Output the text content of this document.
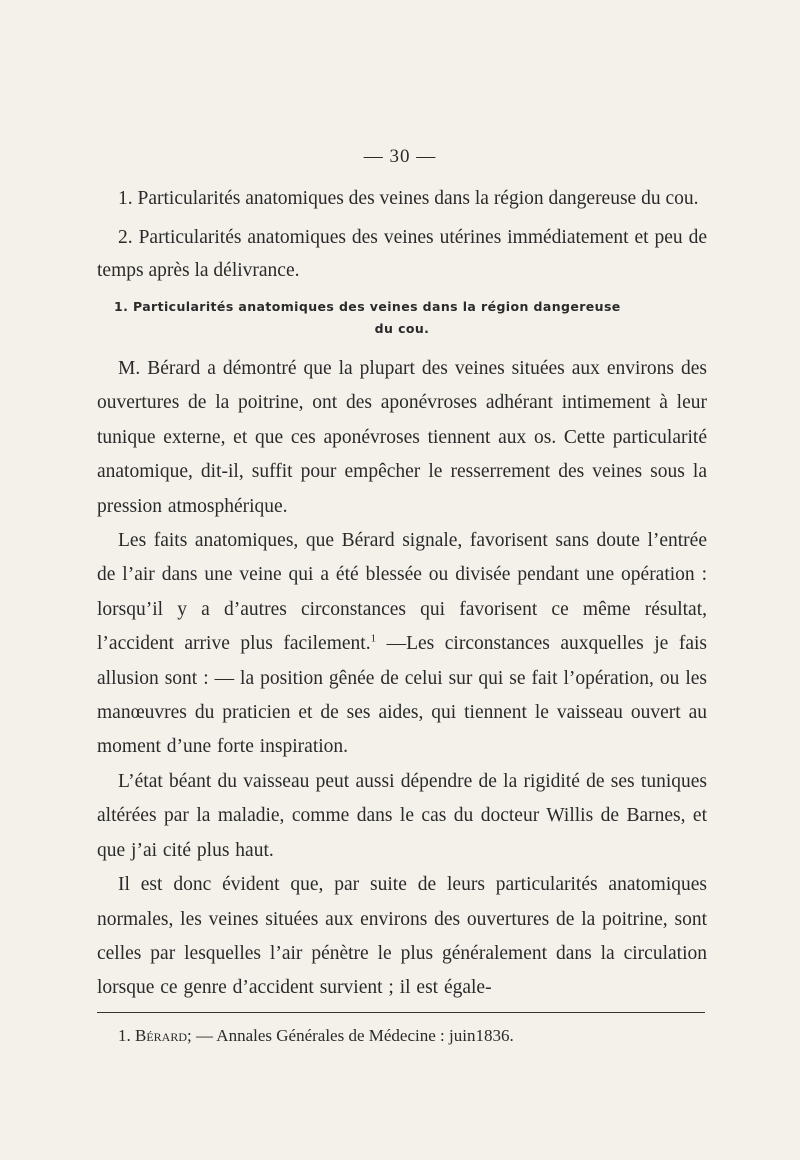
— 30 —

1. Particularités anatomiques des veines dans la région dangereuse du cou.

2. Particularités anatomiques des veines utérines immédiatement et peu de temps après la délivrance.

1. Particularités anatomiques des veines dans la région dangereuse
du cou.

M. Bérard a démontré que la plupart des veines situées aux environs des ouvertures de la poitrine, ont des aponévroses adhérant intimement à leur tunique externe, et que ces aponévroses tiennent aux os. Cette particularité anatomique, dit-il, suffit pour empêcher le resserrement des veines sous la pression atmosphérique.

Les faits anatomiques, que Bérard signale, favorisent sans doute l’entrée de l’air dans une veine qui a été blessée ou divisée pendant une opération : lorsqu’il y a d’autres circonstances qui favorisent ce même résultat, l’accident arrive plus facilement.$^1$ —Les circonstances auxquelles je fais allusion sont : — la position gênée de celui sur qui se fait l’opération, ou les manœuvres du praticien et de ses aides, qui tiennent le vaisseau ouvert au moment d’une forte inspiration.

L’état béant du vaisseau peut aussi dépendre de la rigidité de ses tuniques altérées par la maladie, comme dans le cas du docteur Willis de Barnes, et que j’ai cité plus haut.

Il est donc évident que, par suite de leurs particularités anatomiques normales, les veines situées aux environs des ouvertures de la poitrine, sont celles par lesquelles l’air pénètre le plus généralement dans la circulation lorsque ce genre d’accident survient ; il est égale-

1. Bérard; — Annales Générales de Médecine : juin1836.
